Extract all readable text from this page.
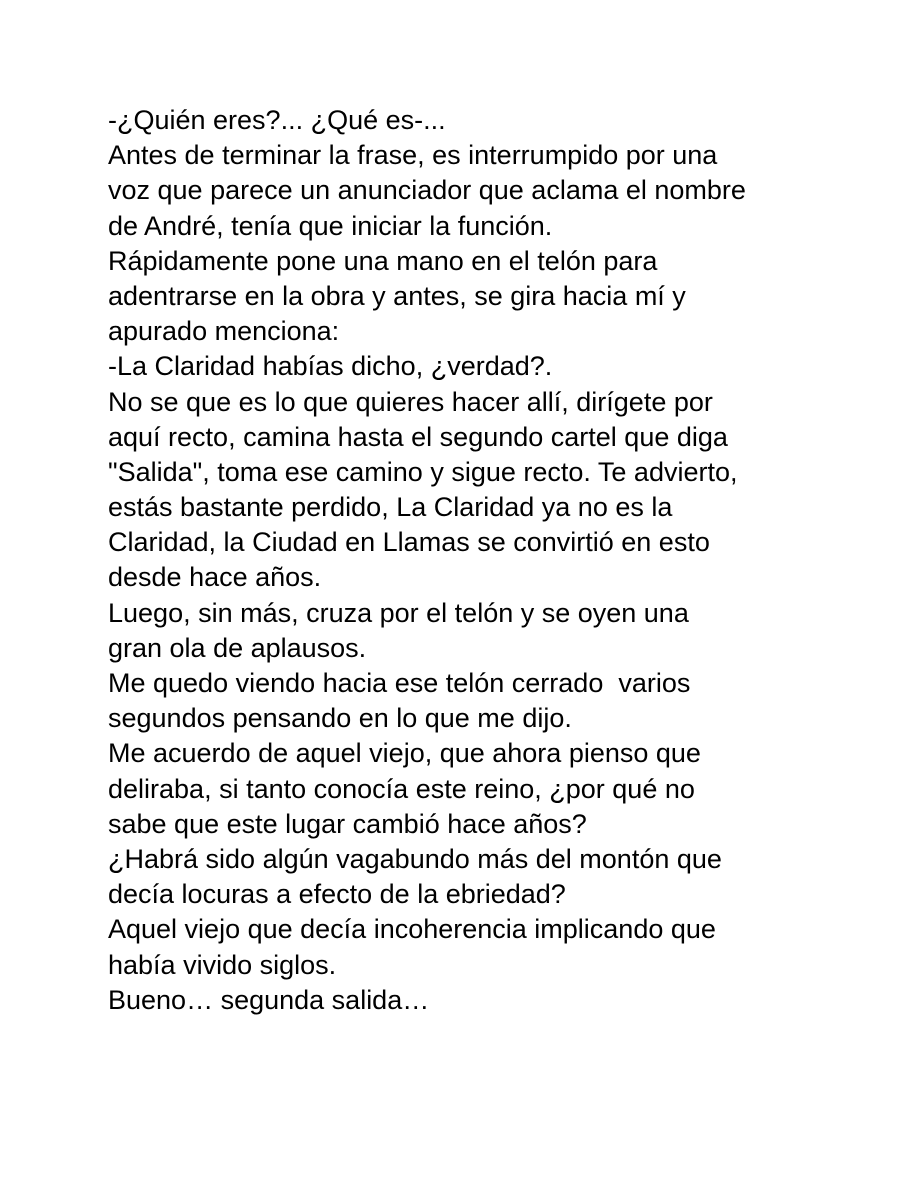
-¿Quién eres?... ¿Qué es-...
Antes de terminar la frase, es interrumpido por una
voz que parece un anunciador que aclama el nombre
de André, tenía que iniciar la función.
Rápidamente pone una mano en el telón para
adentrarse en la obra y antes, se gira hacia mí y
apurado menciona:
-La Claridad habías dicho, ¿verdad?.
No se que es lo que quieres hacer allí, dirígete por
aquí recto, camina hasta el segundo cartel que diga
"Salida", toma ese camino y sigue recto. Te advierto,
estás bastante perdido, La Claridad ya no es la
Claridad, la Ciudad en Llamas se convirtió en esto
desde hace años.
Luego, sin más, cruza por el telón y se oyen una
gran ola de aplausos.
Me quedo viendo hacia ese telón cerrado  varios
segundos pensando en lo que me dijo.
Me acuerdo de aquel viejo, que ahora pienso que
deliraba, si tanto conocía este reino, ¿por qué no
sabe que este lugar cambió hace años?
¿Habrá sido algún vagabundo más del montón que
decía locuras a efecto de la ebriedad?
Aquel viejo que decía incoherencia implicando que
había vivido siglos.
Bueno… segunda salida…
